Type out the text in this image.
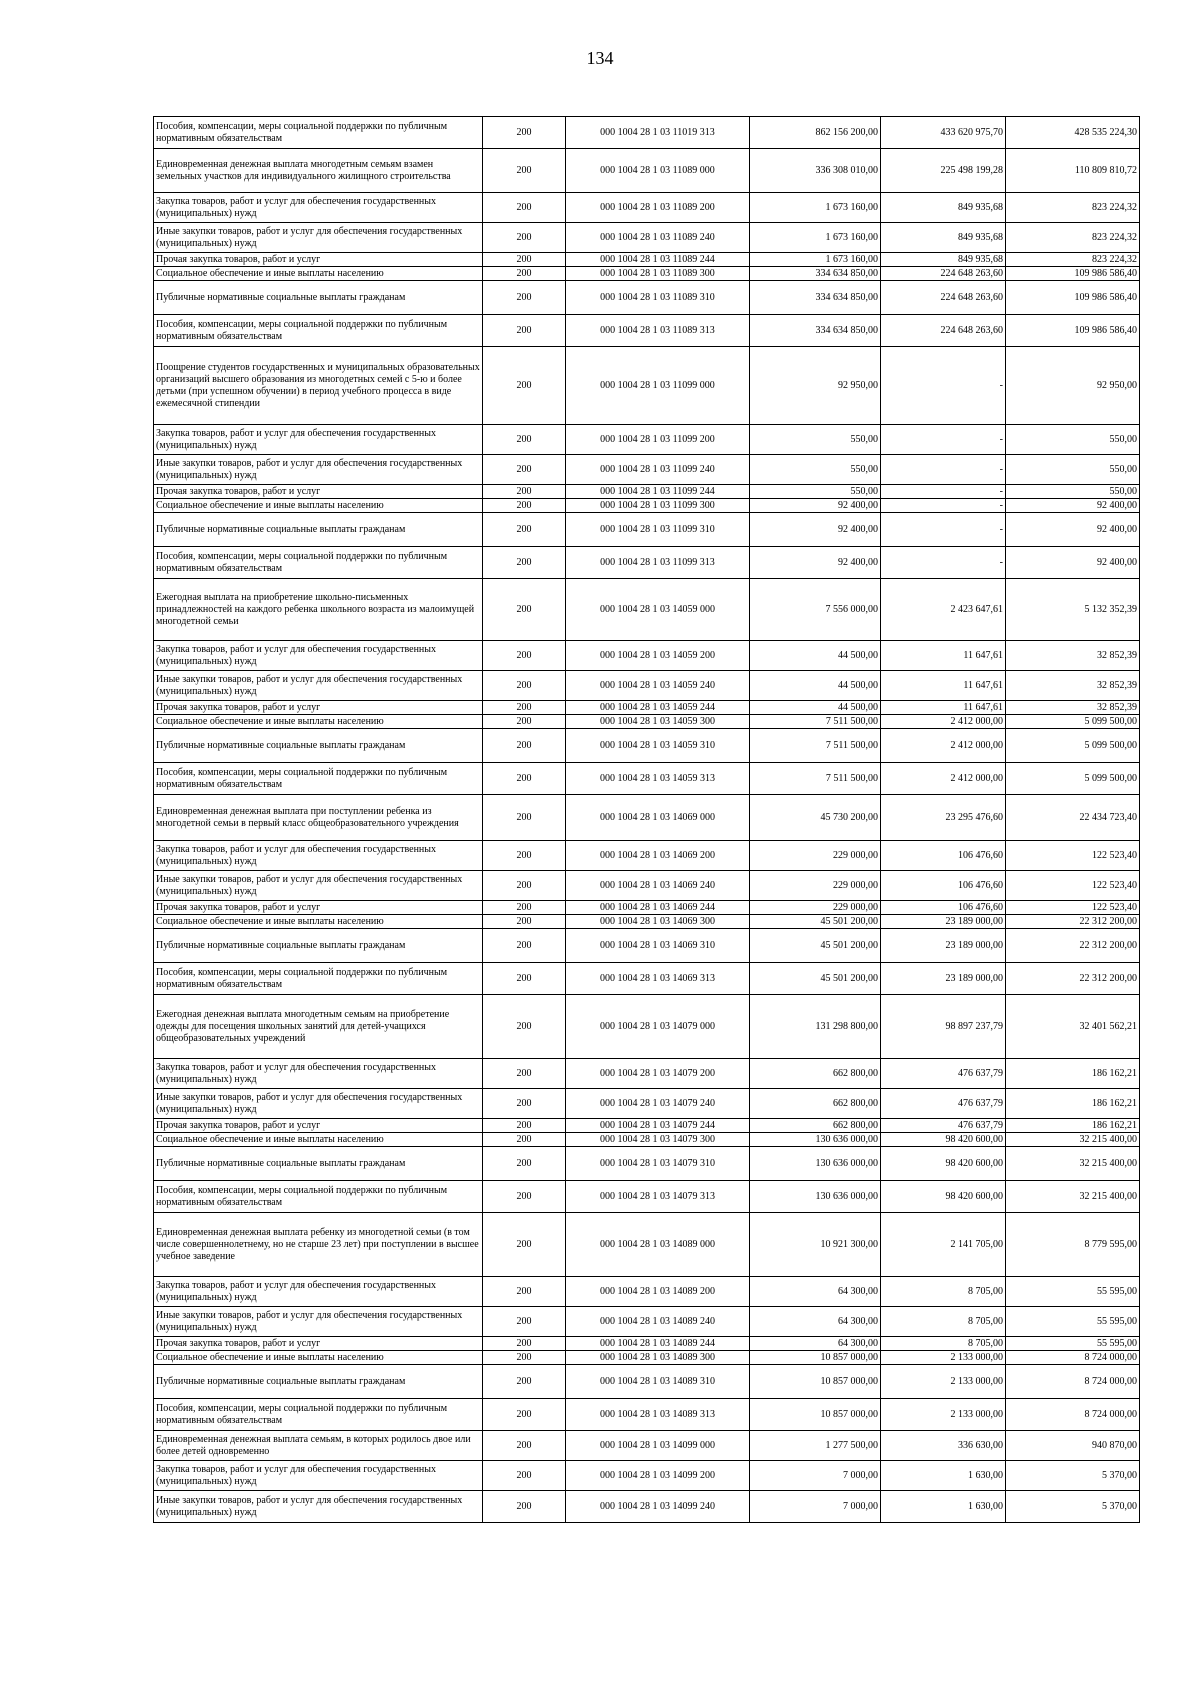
134
Пособия, компенсации, меры социальной поддержки по публичным нормативным обязательствам	200	000 1004 28 1 03 11019 313	862 156 200,00	433 620 975,70	428 535 224,30
Единовременная денежная выплата многодетным семьям взамен земельных участков для индивидуального жилищного строительства	200	000 1004 28 1 03 11089 000	336 308 010,00	225 498 199,28	110 809 810,72
Закупка товаров, работ и услуг для обеспечения государственных (муниципальных) нужд	200	000 1004 28 1 03 11089 200	1 673 160,00	849 935,68	823 224,32
Иные закупки товаров, работ и услуг для обеспечения государственных (муниципальных) нужд	200	000 1004 28 1 03 11089 240	1 673 160,00	849 935,68	823 224,32
Прочая закупка товаров, работ и услуг	200	000 1004 28 1 03 11089 244	1 673 160,00	849 935,68	823 224,32
Социальное обеспечение и иные выплаты населению	200	000 1004 28 1 03 11089 300	334 634 850,00	224 648 263,60	109 986 586,40
Публичные нормативные социальные выплаты гражданам	200	000 1004 28 1 03 11089 310	334 634 850,00	224 648 263,60	109 986 586,40
Пособия, компенсации, меры социальной поддержки по публичным нормативным обязательствам	200	000 1004 28 1 03 11089 313	334 634 850,00	224 648 263,60	109 986 586,40
Поощрение студентов государственных и муниципальных образовательных организаций высшего образования из многодетных семей с 5-ю и более детьми (при успешном обучении) в период учебного процесса в виде ежемесячной стипендии	200	000 1004 28 1 03 11099 000	92 950,00	-	92 950,00
Закупка товаров, работ и услуг для обеспечения государственных (муниципальных) нужд	200	000 1004 28 1 03 11099 200	550,00	-	550,00
Иные закупки товаров, работ и услуг для обеспечения государственных (муниципальных) нужд	200	000 1004 28 1 03 11099 240	550,00	-	550,00
Прочая закупка товаров, работ и услуг	200	000 1004 28 1 03 11099 244	550,00	-	550,00
Социальное обеспечение и иные выплаты населению	200	000 1004 28 1 03 11099 300	92 400,00	-	92 400,00
Публичные нормативные социальные выплаты гражданам	200	000 1004 28 1 03 11099 310	92 400,00	-	92 400,00
Пособия, компенсации, меры социальной поддержки по публичным нормативным обязательствам	200	000 1004 28 1 03 11099 313	92 400,00	-	92 400,00
Ежегодная выплата на приобретение школьно-письменных принадлежностей на каждого ребенка школьного возраста из малоимущей многодетной семьи	200	000 1004 28 1 03 14059 000	7 556 000,00	2 423 647,61	5 132 352,39
Закупка товаров, работ и услуг для обеспечения государственных (муниципальных) нужд	200	000 1004 28 1 03 14059 200	44 500,00	11 647,61	32 852,39
Иные закупки товаров, работ и услуг для обеспечения государственных (муниципальных) нужд	200	000 1004 28 1 03 14059 240	44 500,00	11 647,61	32 852,39
Прочая закупка товаров, работ и услуг	200	000 1004 28 1 03 14059 244	44 500,00	11 647,61	32 852,39
Социальное обеспечение и иные выплаты населению	200	000 1004 28 1 03 14059 300	7 511 500,00	2 412 000,00	5 099 500,00
Публичные нормативные социальные выплаты гражданам	200	000 1004 28 1 03 14059 310	7 511 500,00	2 412 000,00	5 099 500,00
Пособия, компенсации, меры социальной поддержки по публичным нормативным обязательствам	200	000 1004 28 1 03 14059 313	7 511 500,00	2 412 000,00	5 099 500,00
Единовременная денежная выплата при поступлении ребенка из многодетной семьи в первый класс общеобразовательного учреждения	200	000 1004 28 1 03 14069 000	45 730 200,00	23 295 476,60	22 434 723,40
Закупка товаров, работ и услуг для обеспечения государственных (муниципальных) нужд	200	000 1004 28 1 03 14069 200	229 000,00	106 476,60	122 523,40
Иные закупки товаров, работ и услуг для обеспечения государственных (муниципальных) нужд	200	000 1004 28 1 03 14069 240	229 000,00	106 476,60	122 523,40
Прочая закупка товаров, работ и услуг	200	000 1004 28 1 03 14069 244	229 000,00	106 476,60	122 523,40
Социальное обеспечение и иные выплаты населению	200	000 1004 28 1 03 14069 300	45 501 200,00	23 189 000,00	22 312 200,00
Публичные нормативные социальные выплаты гражданам	200	000 1004 28 1 03 14069 310	45 501 200,00	23 189 000,00	22 312 200,00
Пособия, компенсации, меры социальной поддержки по публичным нормативным обязательствам	200	000 1004 28 1 03 14069 313	45 501 200,00	23 189 000,00	22 312 200,00
Ежегодная денежная выплата многодетным семьям на приобретение одежды для посещения школьных занятий для детей-учащихся общеобразовательных учреждений	200	000 1004 28 1 03 14079 000	131 298 800,00	98 897 237,79	32 401 562,21
Закупка товаров, работ и услуг для обеспечения государственных (муниципальных) нужд	200	000 1004 28 1 03 14079 200	662 800,00	476 637,79	186 162,21
Иные закупки товаров, работ и услуг для обеспечения государственных (муниципальных) нужд	200	000 1004 28 1 03 14079 240	662 800,00	476 637,79	186 162,21
Прочая закупка товаров, работ и услуг	200	000 1004 28 1 03 14079 244	662 800,00	476 637,79	186 162,21
Социальное обеспечение и иные выплаты населению	200	000 1004 28 1 03 14079 300	130 636 000,00	98 420 600,00	32 215 400,00
Публичные нормативные социальные выплаты гражданам	200	000 1004 28 1 03 14079 310	130 636 000,00	98 420 600,00	32 215 400,00
Пособия, компенсации, меры социальной поддержки по публичным нормативным обязательствам	200	000 1004 28 1 03 14079 313	130 636 000,00	98 420 600,00	32 215 400,00
Единовременная денежная выплата ребенку из многодетной семьи (в том числе совершеннолетнему, но не старше 23 лет) при поступлении в высшее учебное заведение	200	000 1004 28 1 03 14089 000	10 921 300,00	2 141 705,00	8 779 595,00
Закупка товаров, работ и услуг для обеспечения государственных (муниципальных) нужд	200	000 1004 28 1 03 14089 200	64 300,00	8 705,00	55 595,00
Иные закупки товаров, работ и услуг для обеспечения государственных (муниципальных) нужд	200	000 1004 28 1 03 14089 240	64 300,00	8 705,00	55 595,00
Прочая закупка товаров, работ и услуг	200	000 1004 28 1 03 14089 244	64 300,00	8 705,00	55 595,00
Социальное обеспечение и иные выплаты населению	200	000 1004 28 1 03 14089 300	10 857 000,00	2 133 000,00	8 724 000,00
Публичные нормативные социальные выплаты гражданам	200	000 1004 28 1 03 14089 310	10 857 000,00	2 133 000,00	8 724 000,00
Пособия, компенсации, меры социальной поддержки по публичным нормативным обязательствам	200	000 1004 28 1 03 14089 313	10 857 000,00	2 133 000,00	8 724 000,00
Единовременная денежная выплата семьям, в которых родилось двое или более детей одновременно	200	000 1004 28 1 03 14099 000	1 277 500,00	336 630,00	940 870,00
Закупка товаров, работ и услуг для обеспечения государственных (муниципальных) нужд	200	000 1004 28 1 03 14099 200	7 000,00	1 630,00	5 370,00
Иные закупки товаров, работ и услуг для обеспечения государственных (муниципальных) нужд	200	000 1004 28 1 03 14099 240	7 000,00	1 630,00	5 370,00
